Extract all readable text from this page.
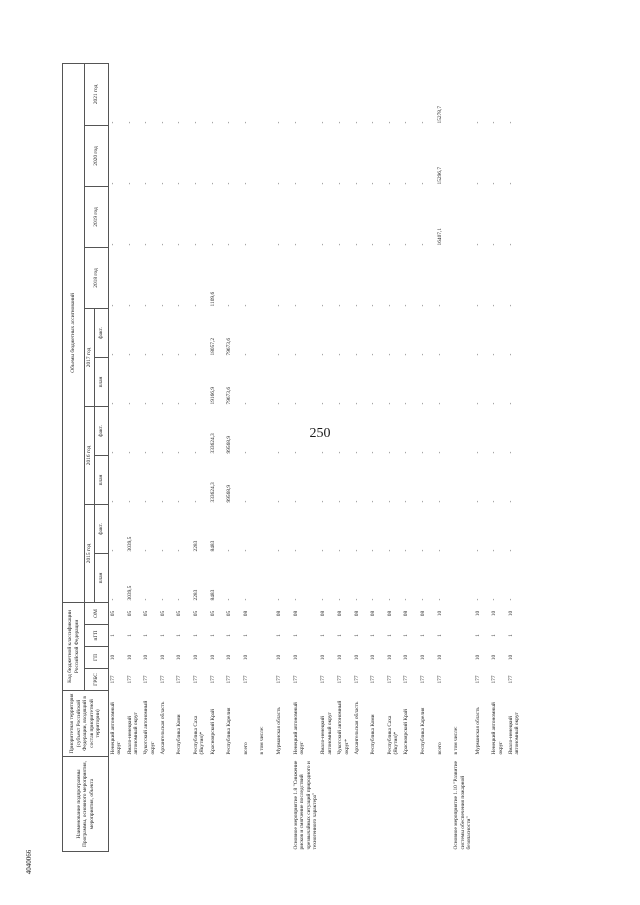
250
4040066
Наименование подпрограммы Программы, основного мероприятия, мероприятия, объекта	Приоритетная территория (субъект Российской Федерации, входящий в состав приоритетной территории)	Код бюджетной классификации Российской Федерации				Объемы бюджетных ассигнований									
		ГРБС	ГП	пГП	ОМ	2015 год		2016 год		2017 год		2018 год	2019 год	2020 год	2021 год
						план	факт.	план	факт.	план	факт.				
	Ненецкий автономный округ	177	10	1	05	-	-	-	-	-	-	-	-	-	-
	Ямало-ненецкий автономный округ	177	10	1	05	3039,5	3039,5	-	-	-	-	-	-	-	-
	Чукотский автономный округ	177	10	1	05	-	-	-	-	-	-	-	-	-	-
	Архангельская область	177	10	1	05	-	-	-	-	-	-	-	-	-	-
	Республика Коми	177	10	1	05	-	-	-	-	-	-	-	-	-	-
	Республика Саха (Якутия)*	177	10	1	05	2283	2283	-	-	-	-	-	-	-	-
	Красноярский Край	177	10	1	05	8483	8483	333624,3	333624,3	19166,9	18057,2	1109,6	-	-	-
	Республика Карелия	177	10	1	05	-	-	99568,9	99568,9	79673,6	79673,6	-	-	-	-
	всего	177	10	1	08	-	-	-	-	-	-	-	-	-	-
	в том числе:														
	Мурманская область	177	10	1	08	-	-	-	-	-	-	-	-	-	-
Основное мероприятие 1.8 "Снижение рисков и смягчение последствий чрезвычайных ситуаций природного и техногенного характера"	Ненецкий автономный округ	177	10	1	08	-	-	-	-	-	-	-	-	-	-
	Ямало-ненецкий автономный округ	177	10	1	08	-	-	-	-	-	-	-	-	-	-
	Чукотский автономный округ*	177	10	1	08	-	-	-	-	-	-	-	-	-	-
	Архангельская область	177	10	1	08	-	-	-	-	-	-	-	-	-	-
	Республика Коми	177	10	1	08	-	-	-	-	-	-	-	-	-	-
	Республика Саха (Якутия)*	177	10	1	08	-	-	-	-	-	-	-	-	-	-
	Красноярский Край	177	10	1	08	-	-	-	-	-	-	-	-	-	-
	Республика Карелия	177	10	1	08	-	-	-	-	-	-	-	-	-	-
	всего	177	10	1	10	-	-	-	-	-	-	-	16407,1	15296,7	15278,7
Основное мероприятие 1.10 "Развитие системы обеспечения пожарной безопасности"	в том числе:														
	Мурманская область	177	10	1	10	-	-	-	-	-	-	-	-	-	-
	Ненецкий автономный округ	177	10	1	10	-	-	-	-	-	-	-	-	-	-
	Ямало-ненецкий автономный округ	177	10	1	10	-	-	-	-	-	-	-	-	-	-
